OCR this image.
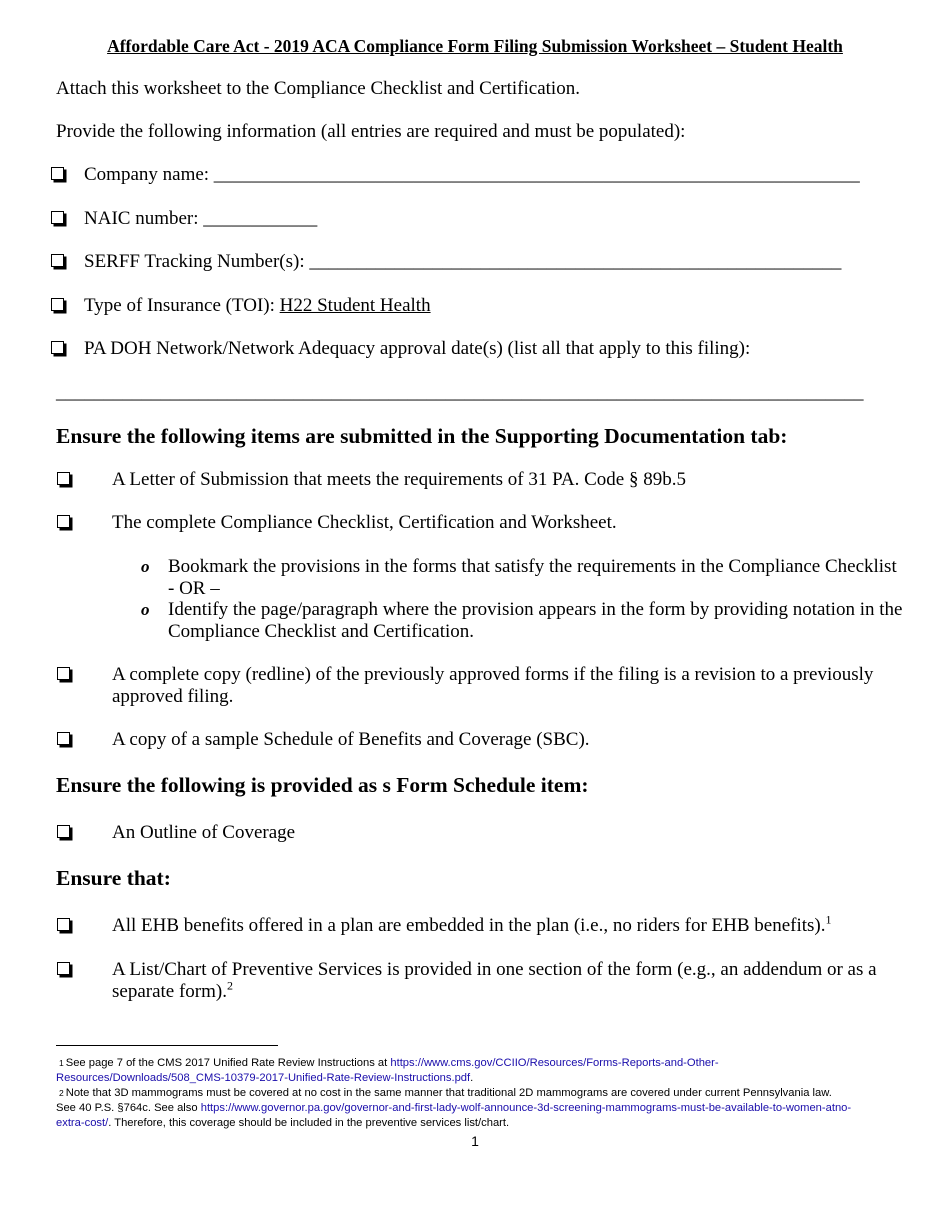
Affordable Care Act - 2019 ACA Compliance Form Filing Submission Worksheet – Student Health
Attach this worksheet to the Compliance Checklist and Certification.
Provide the following information (all entries are required and must be populated):
Company name: ____________________________________________________________________
NAIC number: ____________
SERFF Tracking Number(s): ________________________________________________________
Type of Insurance (TOI): H22 Student Health
PA DOH Network/Network Adequacy approval date(s) (list all that apply to this filing):
_____________________________________________________________________________________
Ensure the following items are submitted in the Supporting Documentation tab:
A Letter of Submission that meets the requirements of 31 PA. Code § 89b.5
The complete Compliance Checklist, Certification and Worksheet.
o Bookmark the provisions in the forms that satisfy the requirements in the Compliance Checklist
- OR –
o Identify the page/paragraph where the provision appears in the form by providing notation in the
Compliance Checklist and Certification.
A complete copy (redline) of the previously approved forms if the filing is a revision to a previously
approved filing.
A copy of a sample Schedule of Benefits and Coverage (SBC).
Ensure the following is provided as s Form Schedule item:
An Outline of Coverage
Ensure that:
All EHB benefits offered in a plan are embedded in the plan (i.e., no riders for EHB benefits).$^1$
A List/Chart of Preventive Services is provided in one section of the form (e.g., an addendum or as a
separate form).$^2$
1 See page 7 of the CMS 2017 Unified Rate Review Instructions at https://www.cms.gov/CCIIO/Resources/Forms-Reports-and-Other-
Resources/Downloads/508_CMS-10379-2017-Unified-Rate-Review-Instructions.pdf.
2 Note that 3D mammograms must be covered at no cost in the same manner that traditional 2D mammograms are covered under current Pennsylvania law.
See 40 P.S. §764c. See also https://www.governor.pa.gov/governor-and-first-lady-wolf-announce-3d-screening-mammograms-must-be-available-to-women-atno-
extra-cost/. Therefore, this coverage should be included in the preventive services list/chart.
1
